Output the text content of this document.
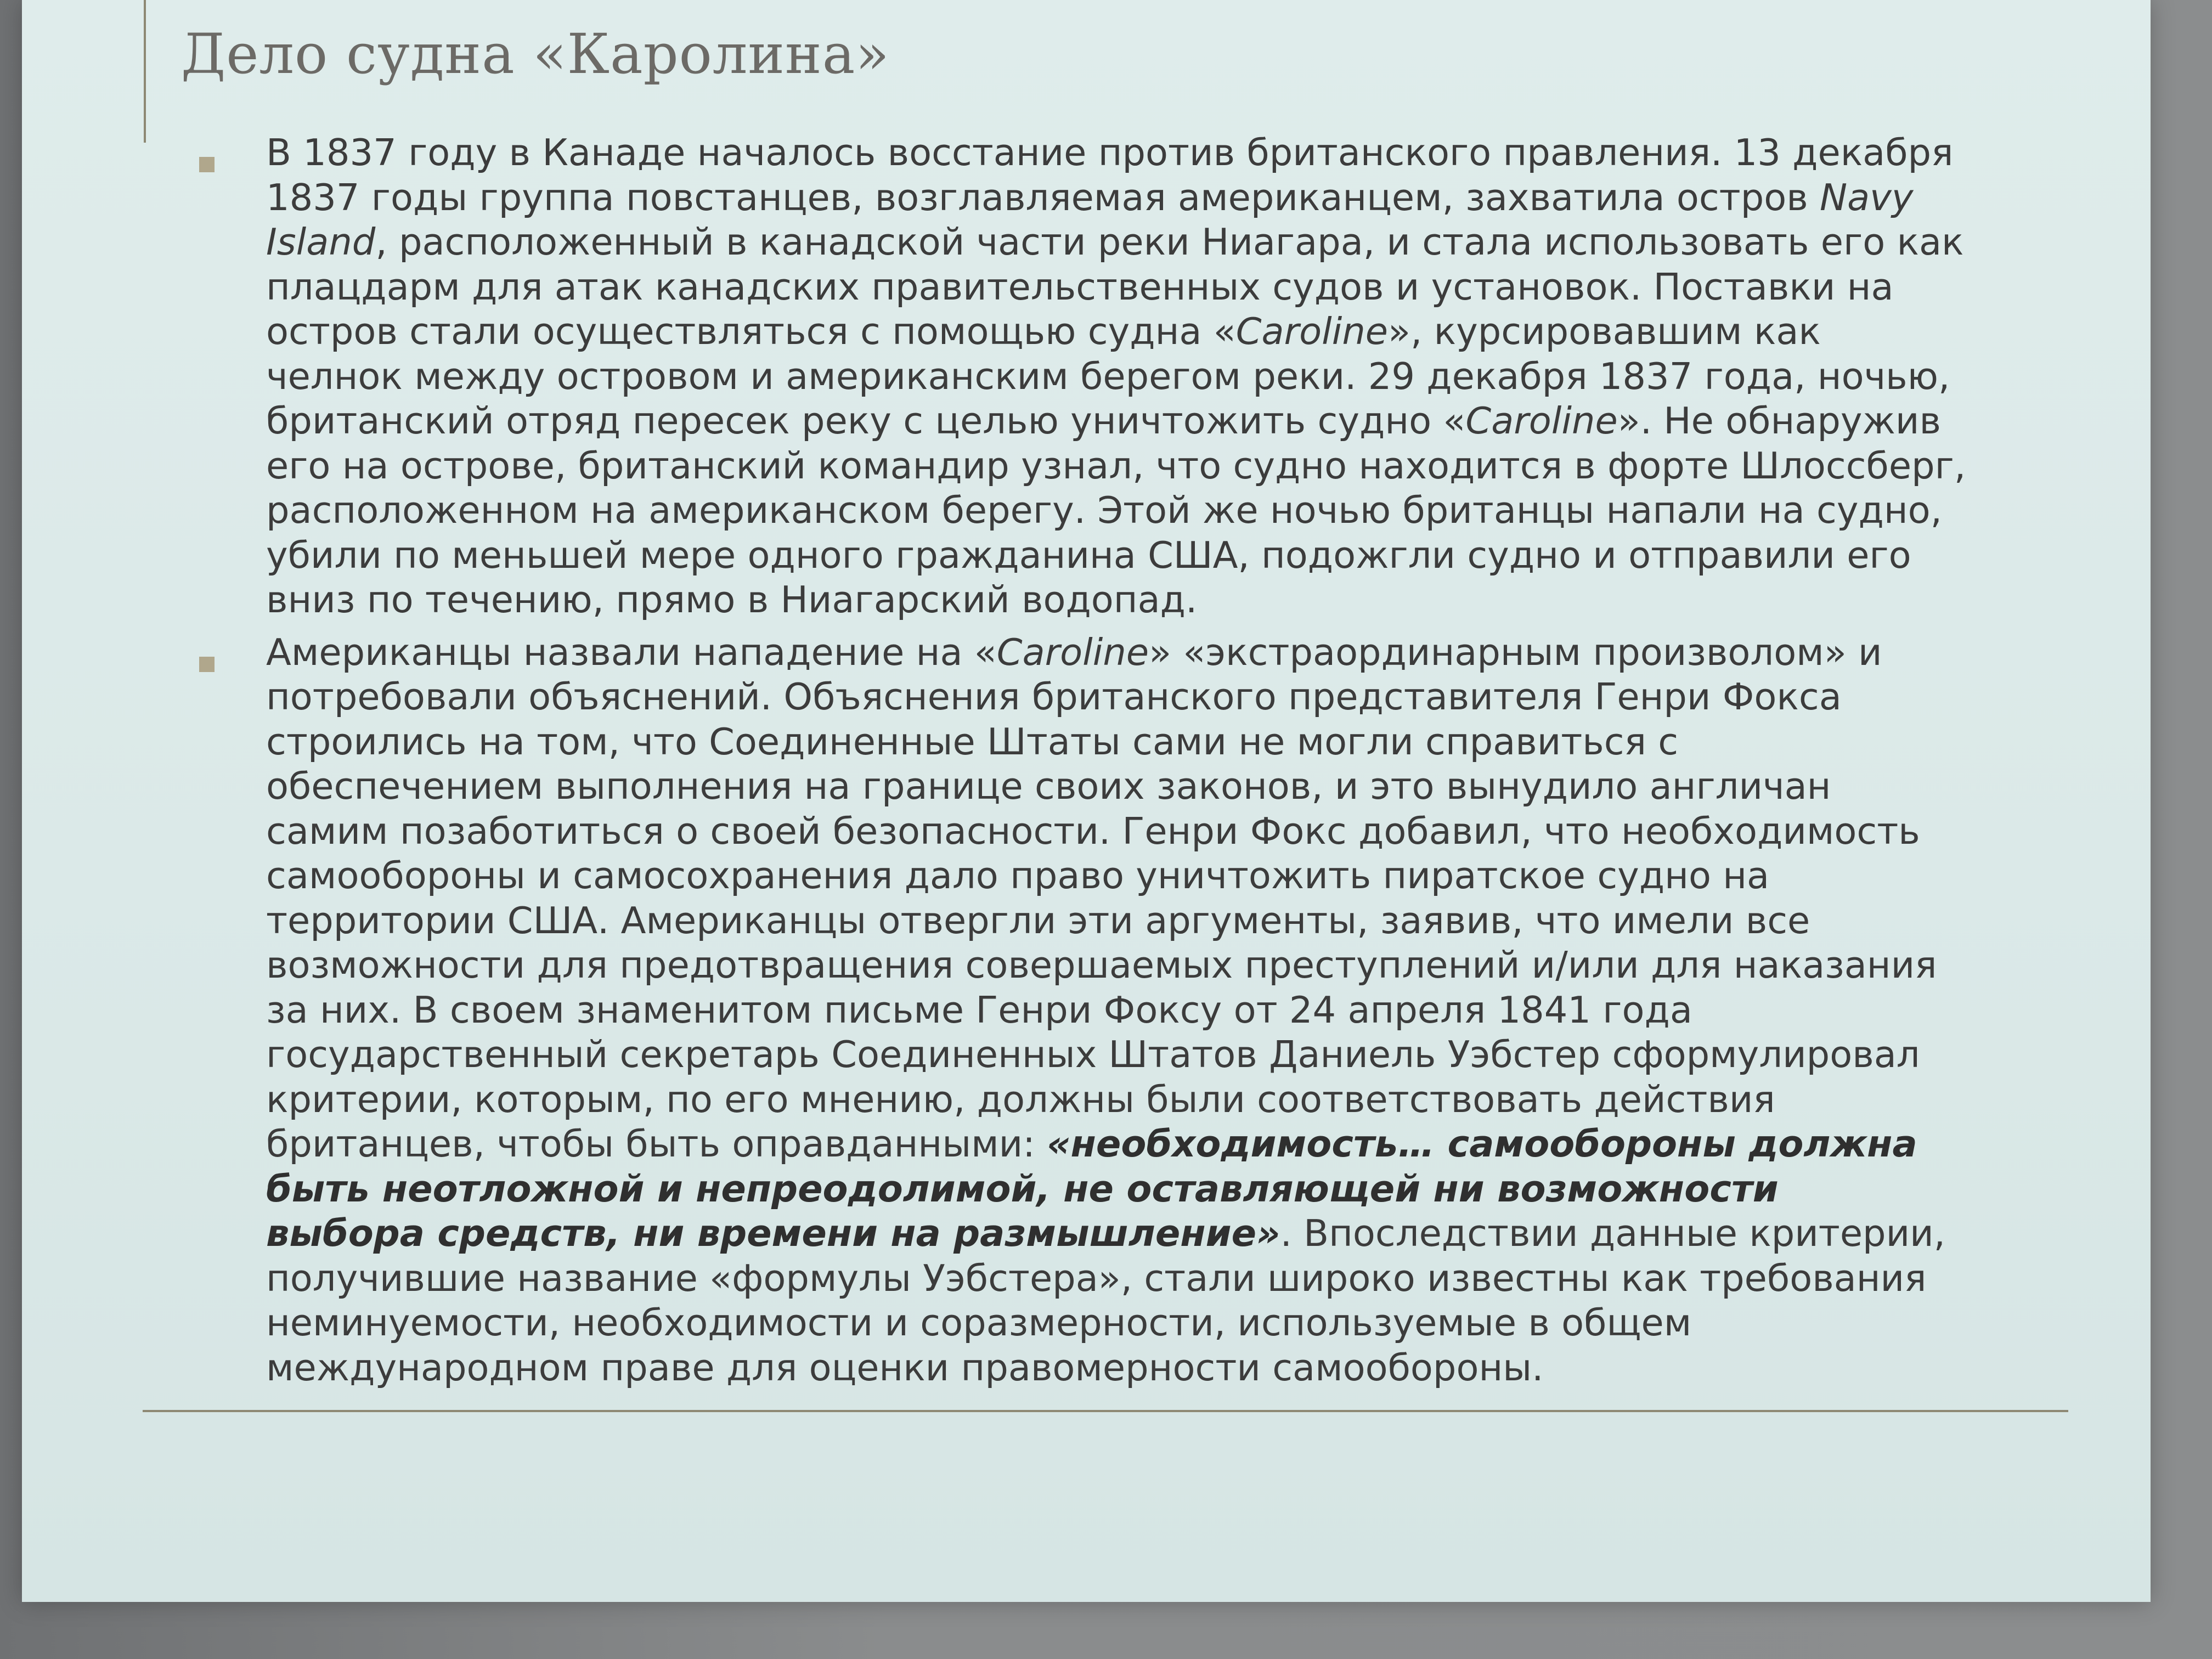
Дело судна «Каролина»
В 1837 году в Канаде началось восстание против британского правления. 13 декабря
1837 годы группа повстанцев, возглавляемая американцем, захватила остров Navy
Island, расположенный в канадской части реки Ниагара, и стала использовать его как
плацдарм для атак канадских правительственных судов и установок. Поставки на
остров стали осуществляться с помощью судна «Caroline», курсировавшим как
челнок между островом и американским берегом реки. 29 декабря 1837 года, ночью,
британский отряд пересек реку с целью уничтожить судно «Caroline». Не обнаружив
его на острове, британский командир узнал, что судно находится в форте Шлоссберг,
расположенном на американском берегу. Этой же ночью британцы напали на судно,
убили по меньшей мере одного гражданина США, подожгли судно и отправили его
вниз по течению, прямо в Ниагарский водопад.
Американцы назвали нападение на «Caroline» «экстраординарным произволом» и
потребовали объяснений. Объяснения британского представителя Генри Фокса
строились на том, что Соединенные Штаты сами не могли справиться с
обеспечением выполнения на границе своих законов, и это вынудило англичан
самим позаботиться о своей безопасности. Генри Фокс добавил, что необходимость
самообороны и самосохранения дало право уничтожить пиратское судно на
территории США. Американцы отвергли эти аргументы, заявив, что имели все
возможности для предотвращения совершаемых преступлений и/или для наказания
за них. В своем знаменитом письме Генри Фоксу от 24 апреля 1841 года
государственный секретарь Соединенных Штатов Даниель Уэбстер сформулировал
критерии, которым, по его мнению, должны были соответствовать действия
британцев, чтобы быть оправданными: «необходимость… самообороны должна
быть неотложной и непреодолимой, не оставляющей ни возможности
выбора средств, ни времени на размышление». Впоследствии данные критерии,
получившие название «формулы Уэбстера», стали широко известны как требования
неминуемости, необходимости и соразмерности, используемые в общем
международном праве для оценки правомерности самообороны.
